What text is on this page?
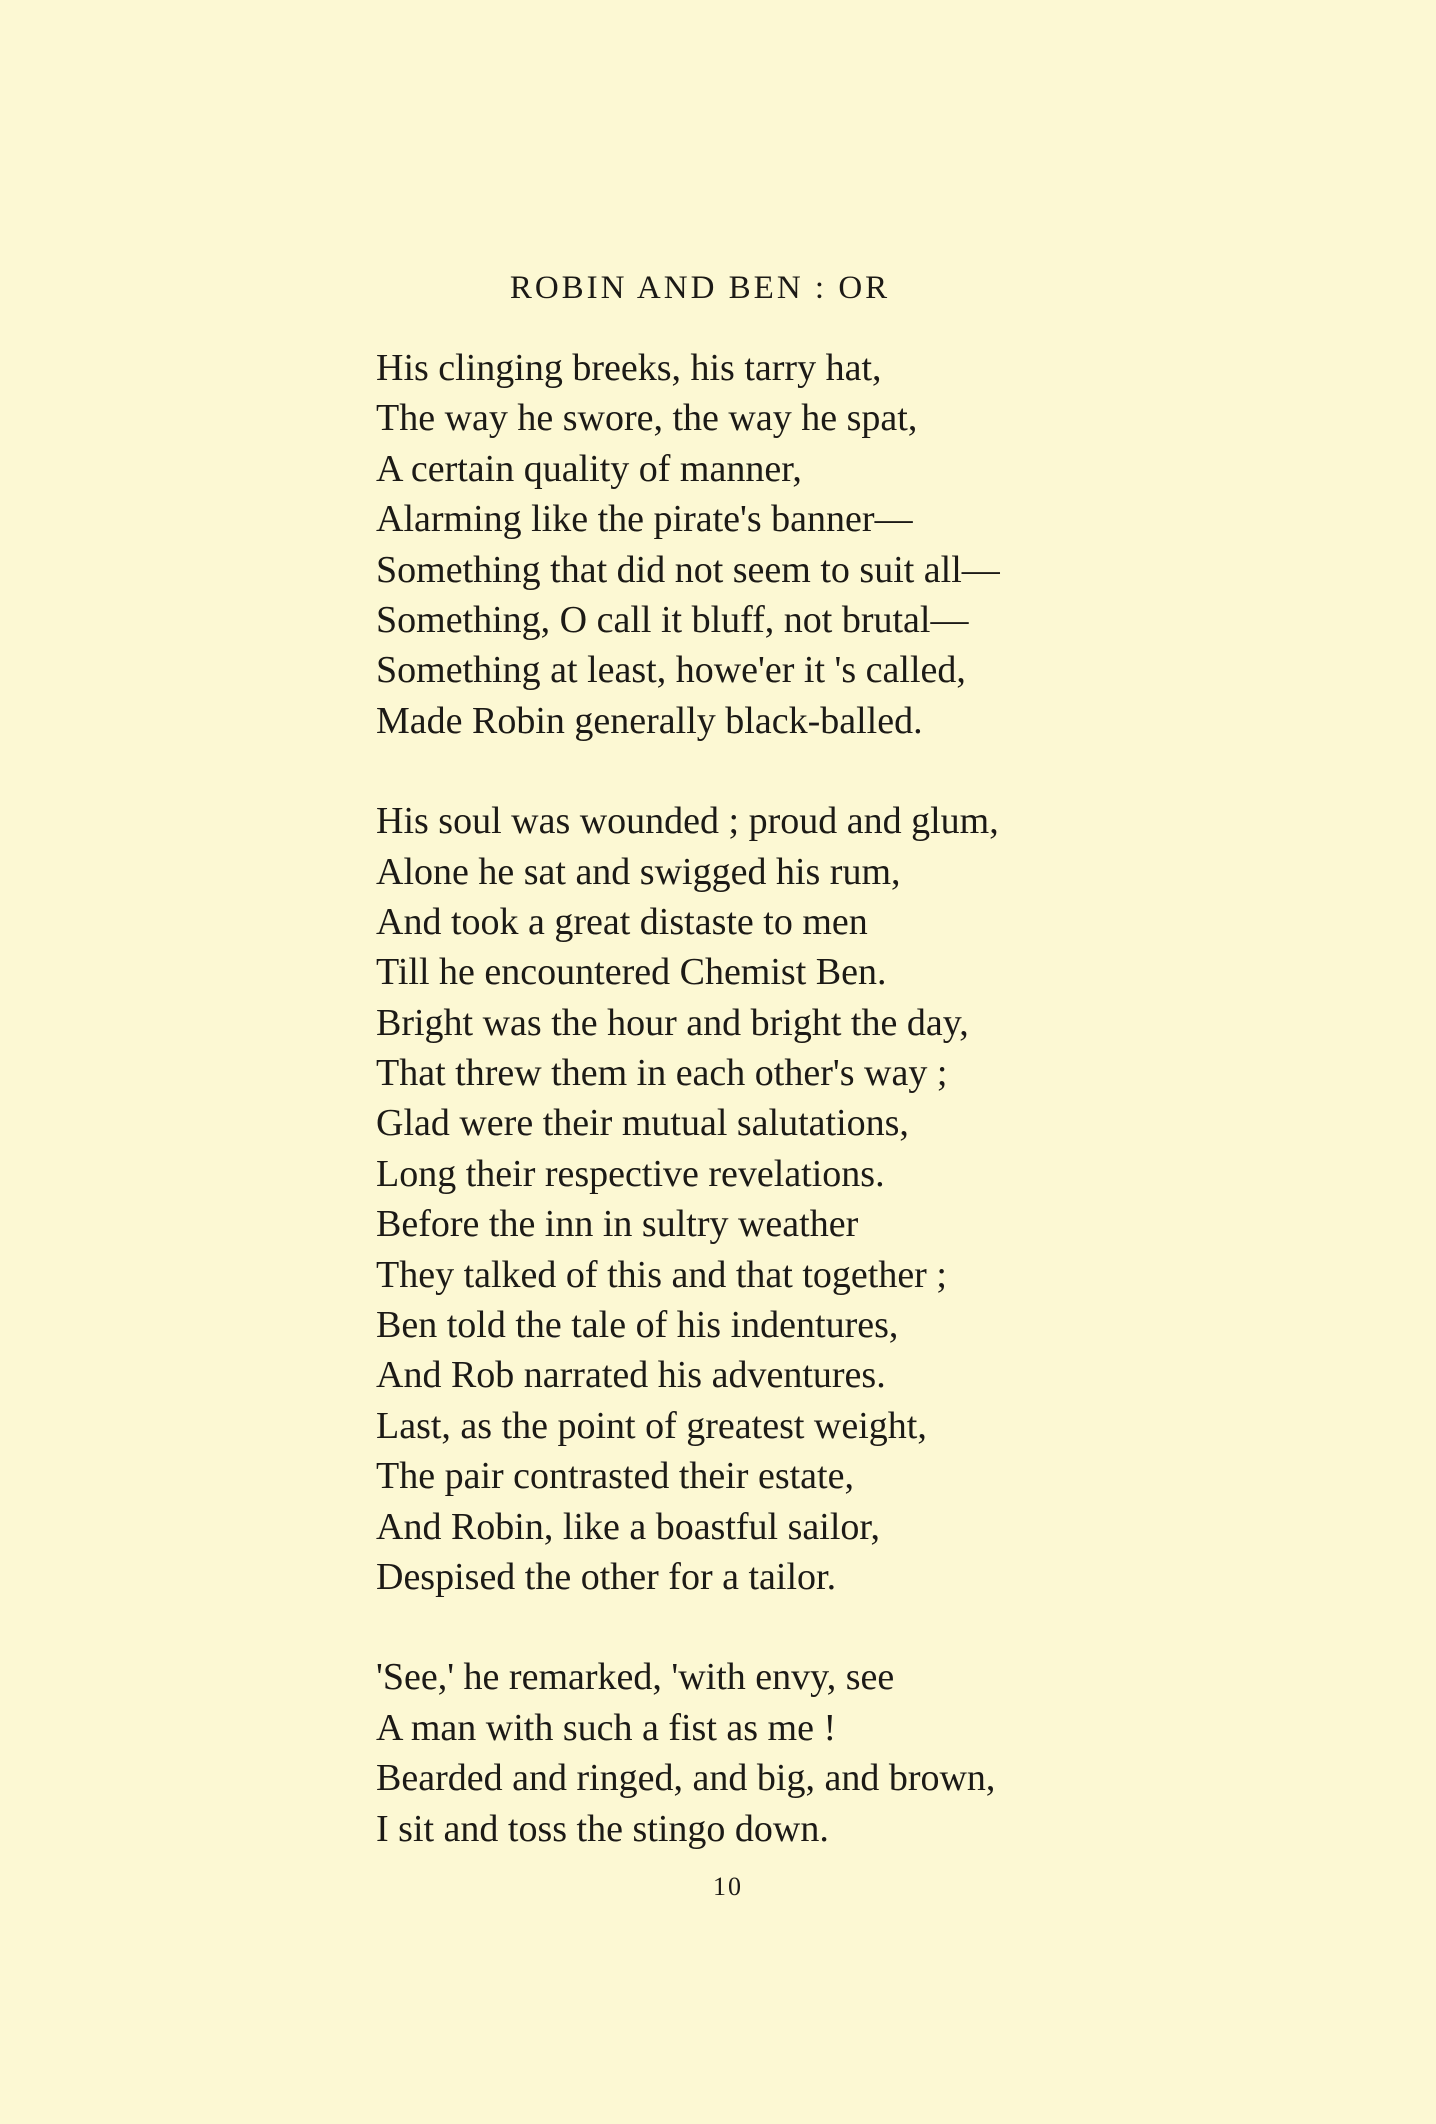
ROBIN AND BEN : OR
His clinging breeks, his tarry hat,
The way he swore, the way he spat,
A certain quality of manner,
Alarming like the pirate's banner—
Something that did not seem to suit all—
Something, O call it bluff, not brutal—
Something at least, howe'er it 's called,
Made Robin generally black-balled.
His soul was wounded ; proud and glum,
Alone he sat and swigged his rum,
And took a great distaste to men
Till he encountered Chemist Ben.
Bright was the hour and bright the day,
That threw them in each other's way ;
Glad were their mutual salutations,
Long their respective revelations.
Before the inn in sultry weather
They talked of this and that together ;
Ben told the tale of his indentures,
And Rob narrated his adventures.
Last, as the point of greatest weight,
The pair contrasted their estate,
And Robin, like a boastful sailor,
Despised the other for a tailor.
'See,' he remarked, 'with envy, see
A man with such a fist as me !
Bearded and ringed, and big, and brown,
I sit and toss the stingo down.
10
